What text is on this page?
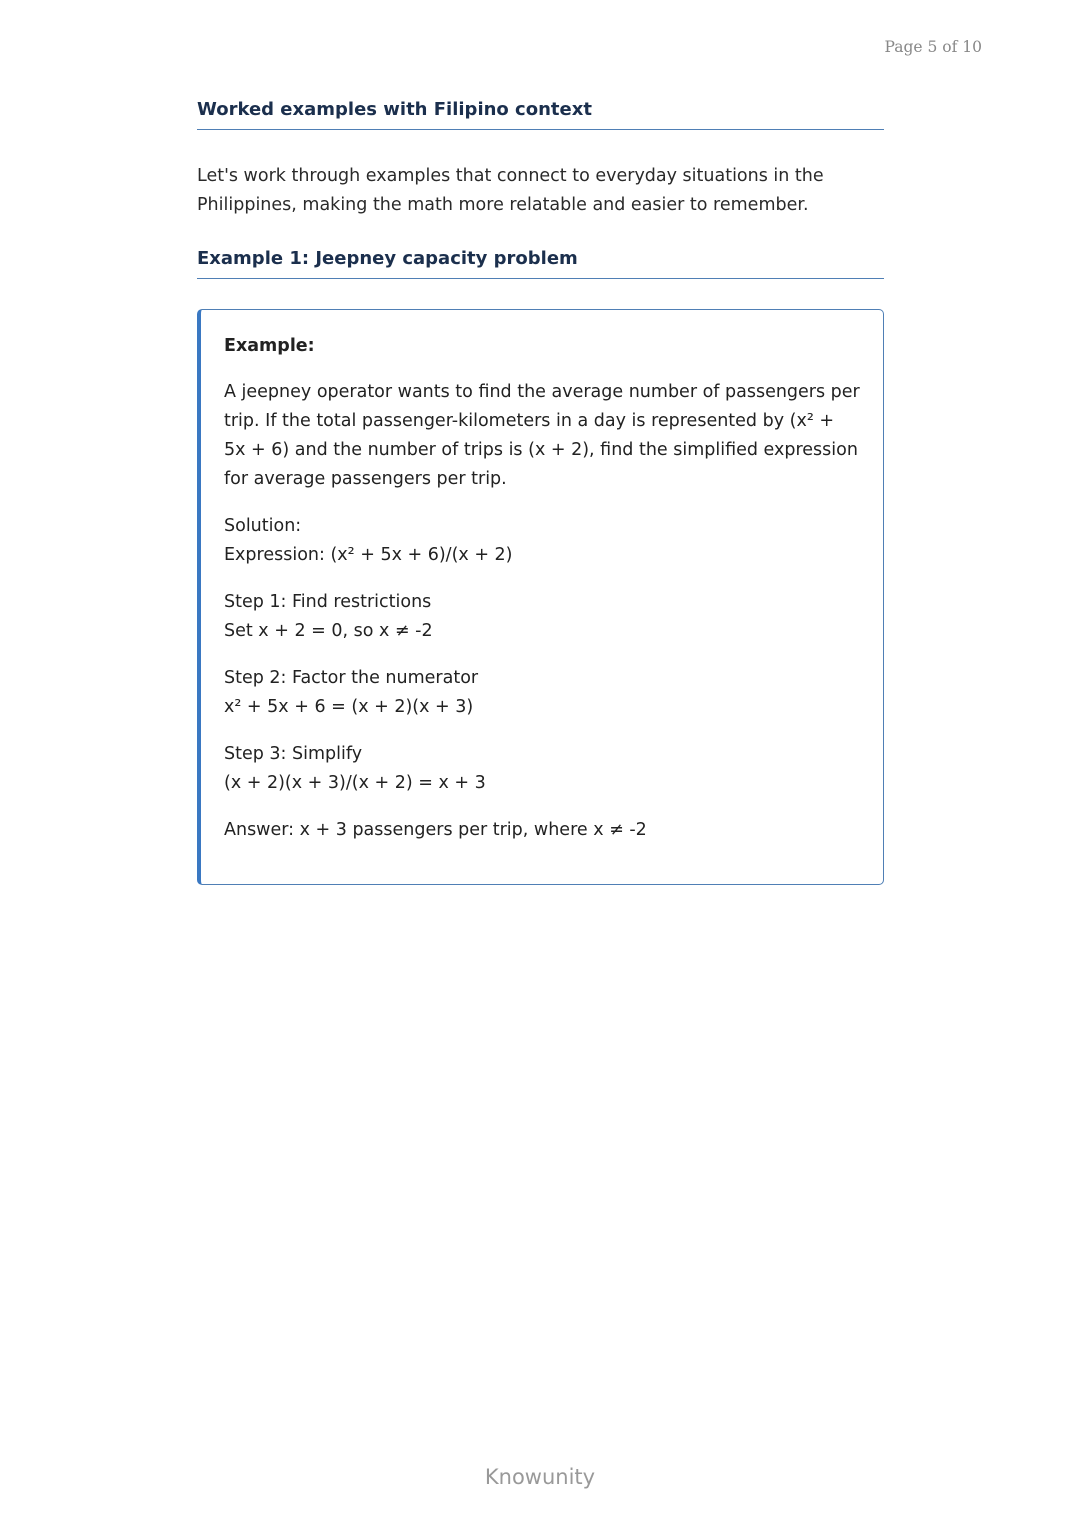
Page 5 of 10
Worked examples with Filipino context

Let's work through examples that connect to everyday situations in the Philippines, making the math more relatable and easier to remember.

Example 1: Jeepney capacity problem

Example:

A jeepney operator wants to find the average number of passengers per trip. If the total passenger-kilometers in a day is represented by (x² + 5x + 6) and the number of trips is (x + 2), find the simplified expression for average passengers per trip.

Solution:
Expression: (x² + 5x + 6)/(x + 2)
Step 1: Find restrictions
Set x + 2 = 0, so x ≠ -2
Step 2: Factor the numerator
x² + 5x + 6 = (x + 2)(x + 3)
Step 3: Simplify
(x + 2)(x + 3)/(x + 2) = x + 3
Answer: x + 3 passengers per trip, where x ≠ -2
Knowunity
